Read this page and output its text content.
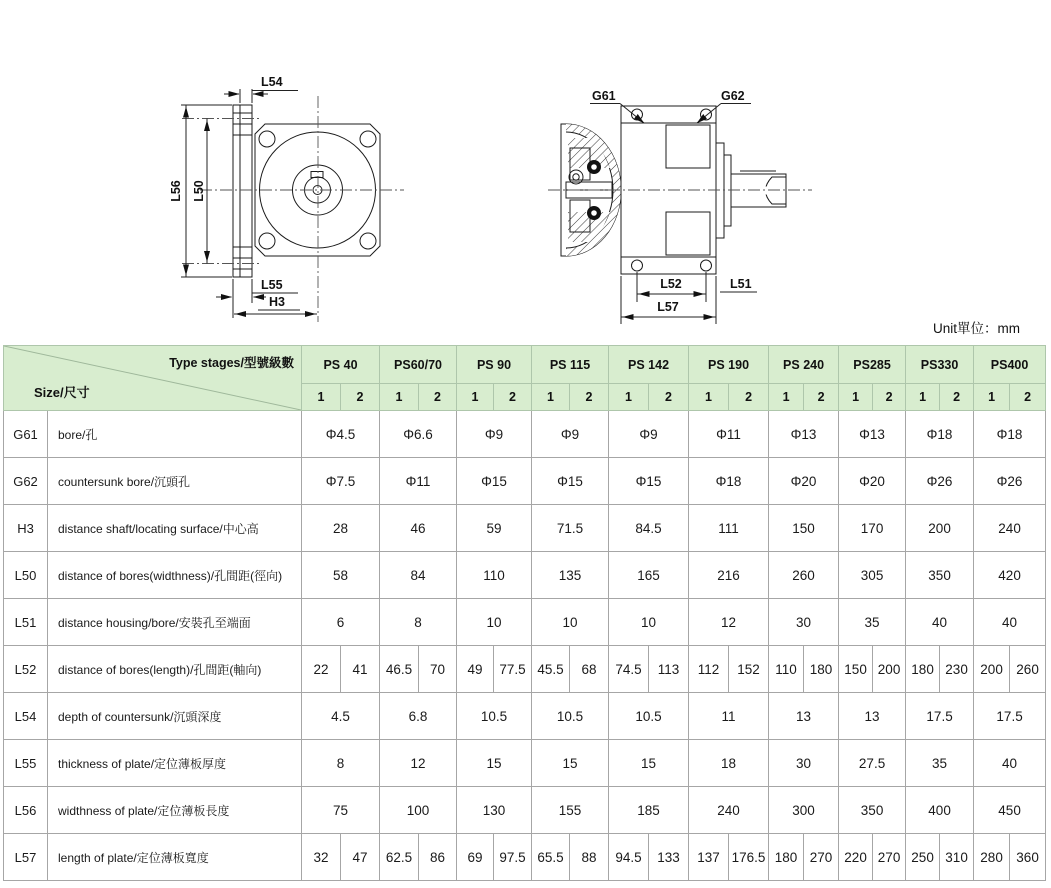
L54
L56 L50
L55
H3
G61	G62
L52	L51
L57
Unit單位：mm
Type stages/型號級數
Size/尺寸		PS 40		PS60/70		PS 90		PS 115		PS 142		PS 190		PS 240		PS285		PS330		PS400	
		1	2	1	2	1	2	1	2	1	2	1	2	1	2	1	2	1	2	1	2
G61	bore/孔	Φ4.5		Φ6.6		Φ9		Φ9		Φ9		Φ11		Φ13		Φ13		Φ18		Φ18	
G62	countersunk bore/沉頭孔	Φ7.5		Φ11		Φ15		Φ15		Φ15		Φ18		Φ20		Φ20		Φ26		Φ26	
H3	distance shaft/locating surface/中心高	28		46		59		71.5		84.5		111		150		170		200		240	
L50	distance of bores(widthness)/孔間距(徑向)	58		84		110		135		165		216		260		305		350		420	
L51	distance housing/bore/安裝孔至端面	6		8		10		10		10		12		30		35		40		40	
L52	distance of bores(length)/孔間距(軸向)	22	41	46.5	70	49	77.5	45.5	68	74.5	113	112	152	110	180	150	200	180	230	200	260
L54	depth of countersunk/沉頭深度	4.5		6.8		10.5		10.5		10.5		11		13		13		17.5		17.5	
L55	thickness of plate/定位薄板厚度	8		12		15		15		15		18		30		27.5		35		40	
L56	widthness of plate/定位薄板長度	75		100		130		155		185		240		300		350		400		450	
L57	length of plate/定位薄板寬度	32	47	62.5	86	69	97.5	65.5	88	94.5	133	137	176.5	180	270	220	270	250	310	280	360
